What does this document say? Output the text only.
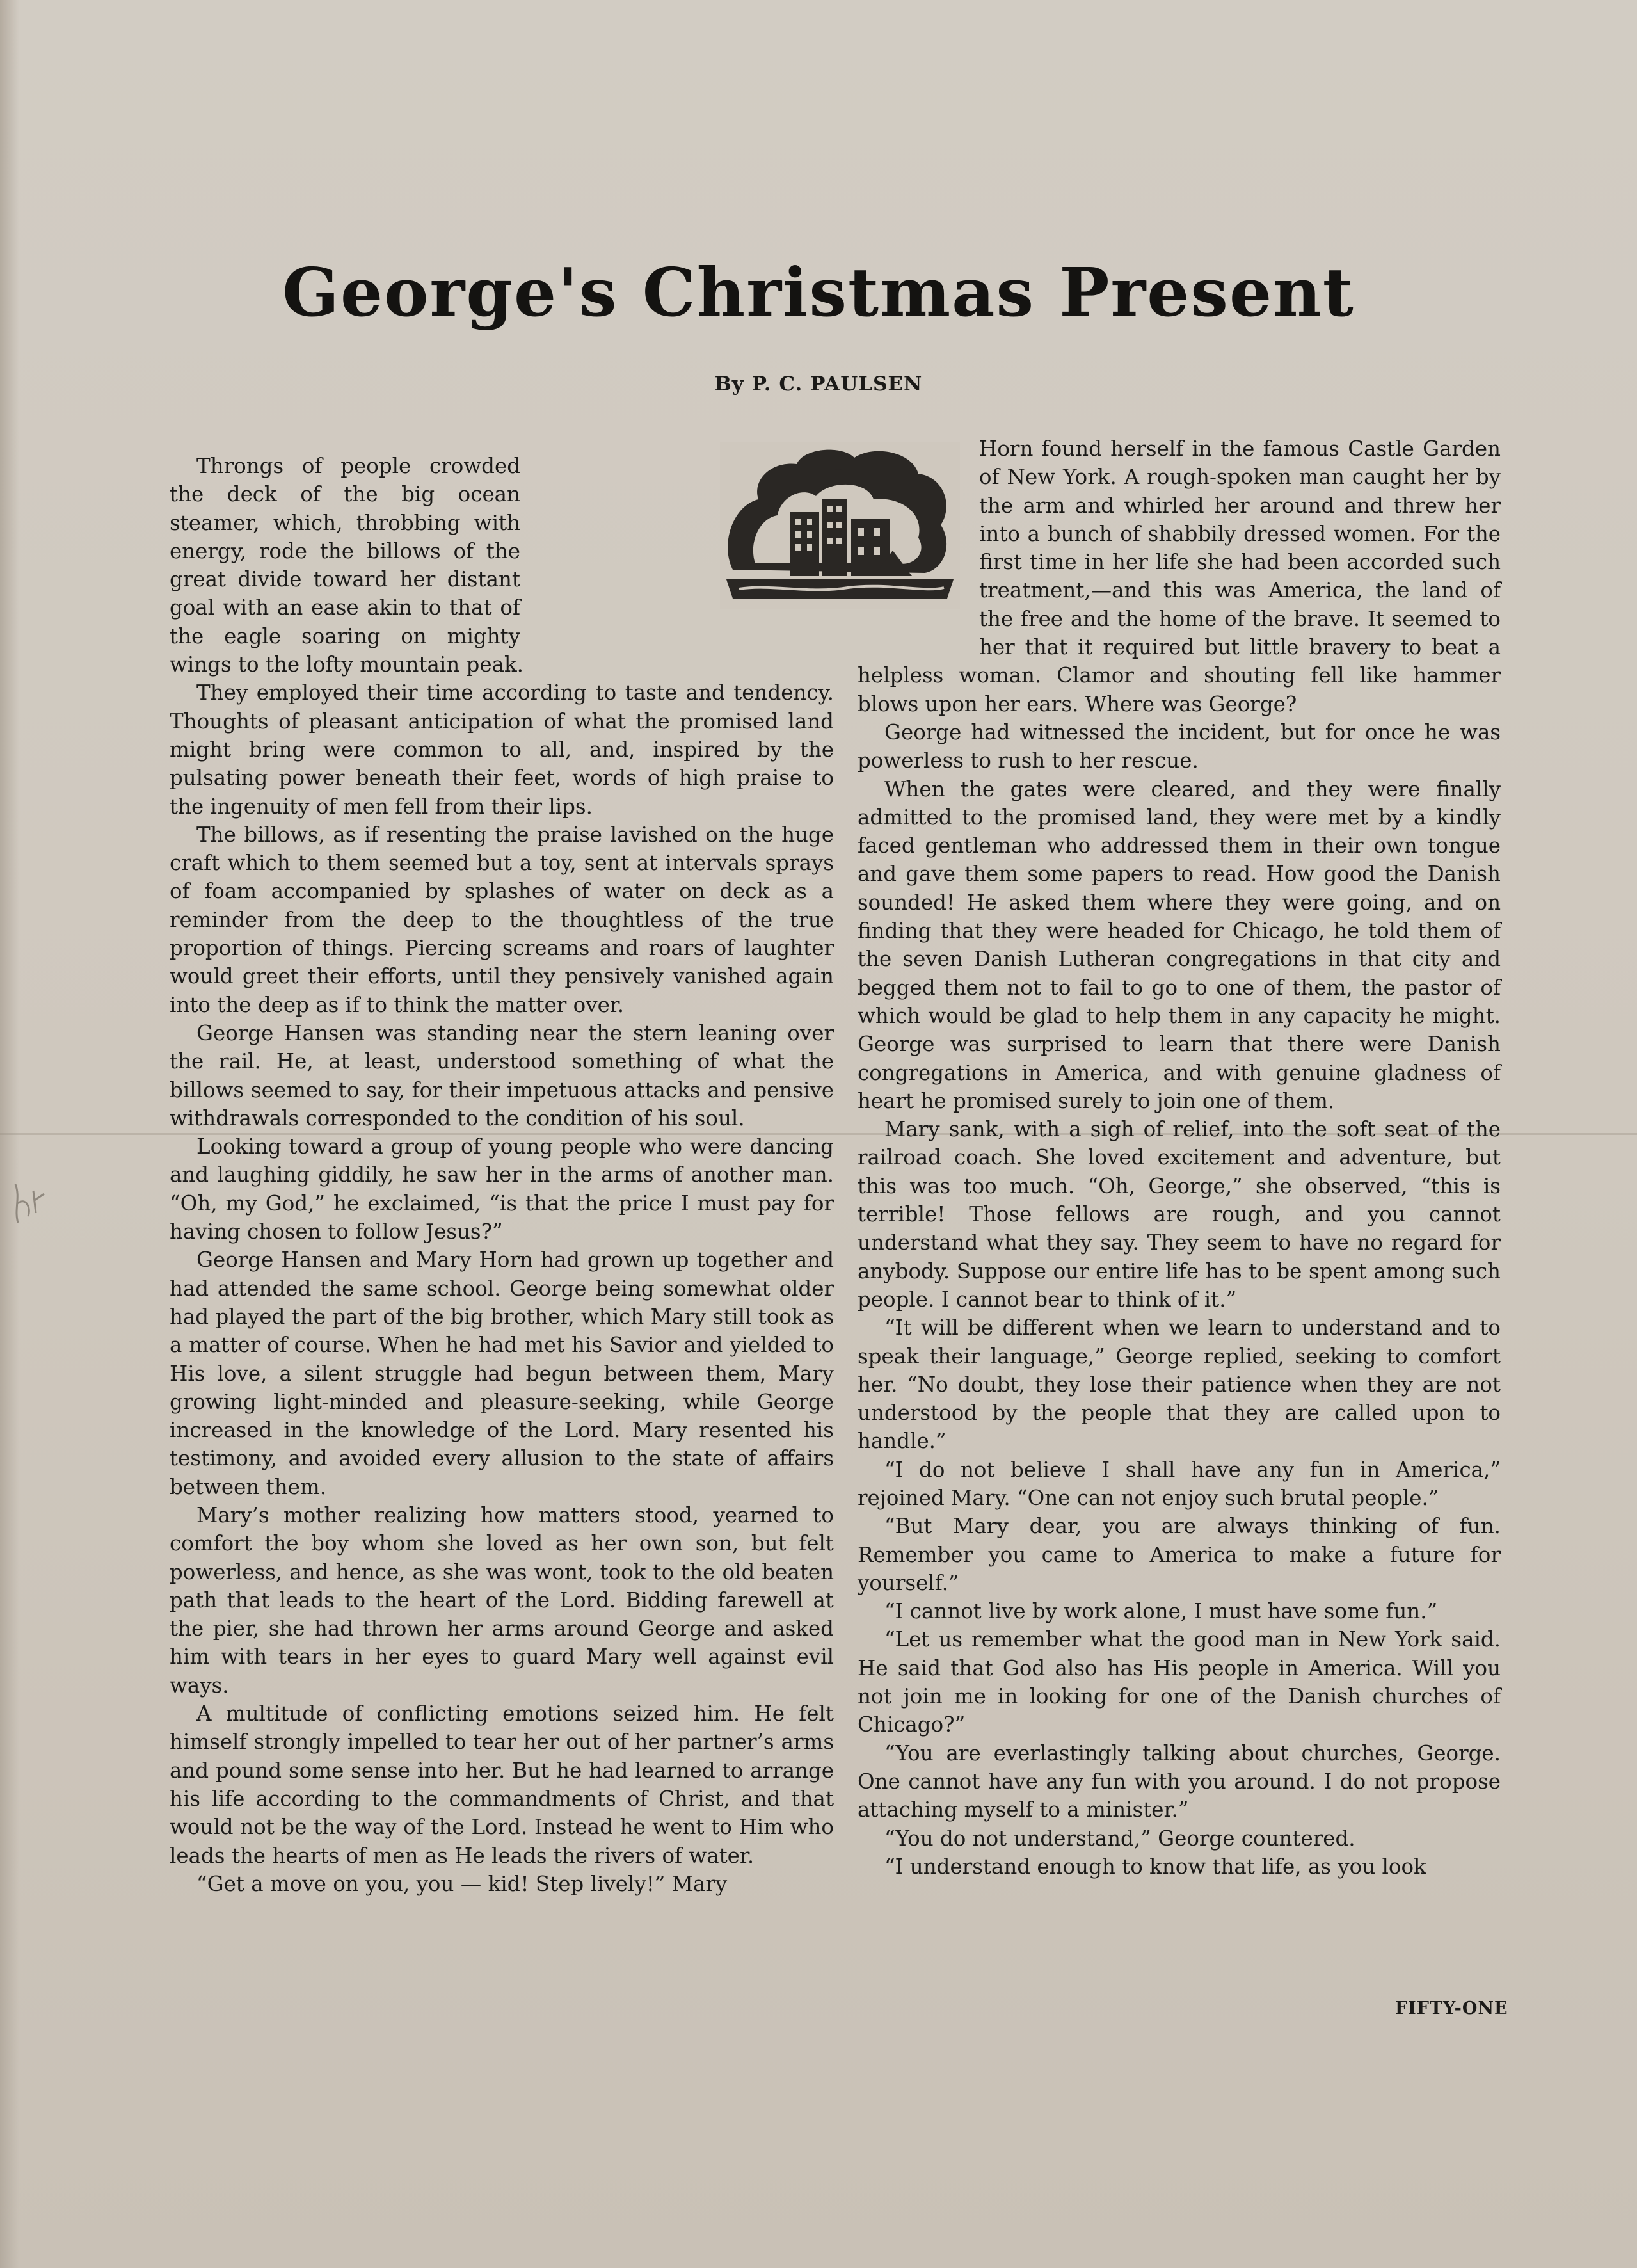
George's Christmas Present
By P. C. PAULSEN

Throngs of people crowded the deck of the big ocean steamer, which, throbbing with energy, rode the billows of the great divide toward her distant goal with an ease akin to that of the eagle soaring on mighty wings to the lofty mountain peak.

They employed their time according to taste and tendency. Thoughts of pleasant anticipation of what the promised land might bring were common to all, and, inspired by the pulsating power beneath their feet, words of high praise to the ingenuity of men fell from their lips.

The billows, as if resenting the praise lavished on the huge craft which to them seemed but a toy, sent at intervals sprays of foam accompanied by splashes of water on deck as a reminder from the deep to the thoughtless of the true proportion of things. Piercing screams and roars of laughter would greet their efforts, until they pensively vanished again into the deep as if to think the matter over.

George Hansen was standing near the stern leaning over the rail. He, at least, understood something of what the billows seemed to say, for their impetuous attacks and pensive withdrawals corresponded to the condition of his soul.

Looking toward a group of young people who were dancing and laughing giddily, he saw her in the arms of another man. “Oh, my God,” he exclaimed, “is that the price I must pay for having chosen to follow Jesus?”

George Hansen and Mary Horn had grown up together and had attended the same school. George being somewhat older had played the part of the big brother, which Mary still took as a matter of course. When he had met his Savior and yielded to His love, a silent struggle had begun between them, Mary growing light-minded and pleasure-seeking, while George increased in the knowledge of the Lord. Mary resented his testimony, and avoided every allusion to the state of affairs between them.

Mary’s mother realizing how matters stood, yearned to comfort the boy whom she loved as her own son, but felt powerless, and hence, as she was wont, took to the old beaten path that leads to the heart of the Lord. Bidding farewell at the pier, she had thrown her arms around George and asked him with tears in her eyes to guard Mary well against evil ways.

A multitude of conflicting emotions seized him. He felt himself strongly impelled to tear her out of her partner’s arms and pound some sense into her. But he had learned to arrange his life according to the commandments of Christ, and that would not be the way of the Lord. Instead he went to Him who leads the hearts of men as He leads the rivers of water.

“Get a move on you, you — kid! Step lively!” Mary

Horn found herself in the famous Castle Garden of New York. A rough-spoken man caught her by the arm and whirled her around and threw her into a bunch of shabbily dressed women. For the first time in her life she had been accorded such treatment,—and this was America, the land of the free and the home of the brave. It seemed to her that it required but little bravery to beat a helpless woman. Clamor and shouting fell like hammer blows upon her ears. Where was George?

George had witnessed the incident, but for once he was powerless to rush to her rescue.

When the gates were cleared, and they were finally admitted to the promised land, they were met by a kindly faced gentleman who addressed them in their own tongue and gave them some papers to read. How good the Danish sounded! He asked them where they were going, and on finding that they were headed for Chicago, he told them of the seven Danish Lutheran congregations in that city and begged them not to fail to go to one of them, the pastor of which would be glad to help them in any capacity he might. George was surprised to learn that there were Danish congregations in America, and with genuine gladness of heart he promised surely to join one of them.

Mary sank, with a sigh of relief, into the soft seat of the railroad coach. She loved excitement and adventure, but this was too much. “Oh, George,” she observed, “this is terrible! Those fellows are rough, and you cannot understand what they say. They seem to have no regard for anybody. Suppose our entire life has to be spent among such people. I cannot bear to think of it.”

“It will be different when we learn to understand and to speak their language,” George replied, seeking to comfort her. “No doubt, they lose their patience when they are not understood by the people that they are called upon to handle.”

“I do not believe I shall have any fun in America,” rejoined Mary. “One can not enjoy such brutal people.”

“But Mary dear, you are always thinking of fun. Remember you came to America to make a future for yourself.”

“I cannot live by work alone, I must have some fun.”

“Let us remember what the good man in New York said. He said that God also has His people in America. Will you not join me in looking for one of the Danish churches of Chicago?”

“You are everlastingly talking about churches, George. One cannot have any fun with you around. I do not propose attaching myself to a minister.”

“You do not understand,” George countered.

“I understand enough to know that life, as you look

FIFTY-ONE
